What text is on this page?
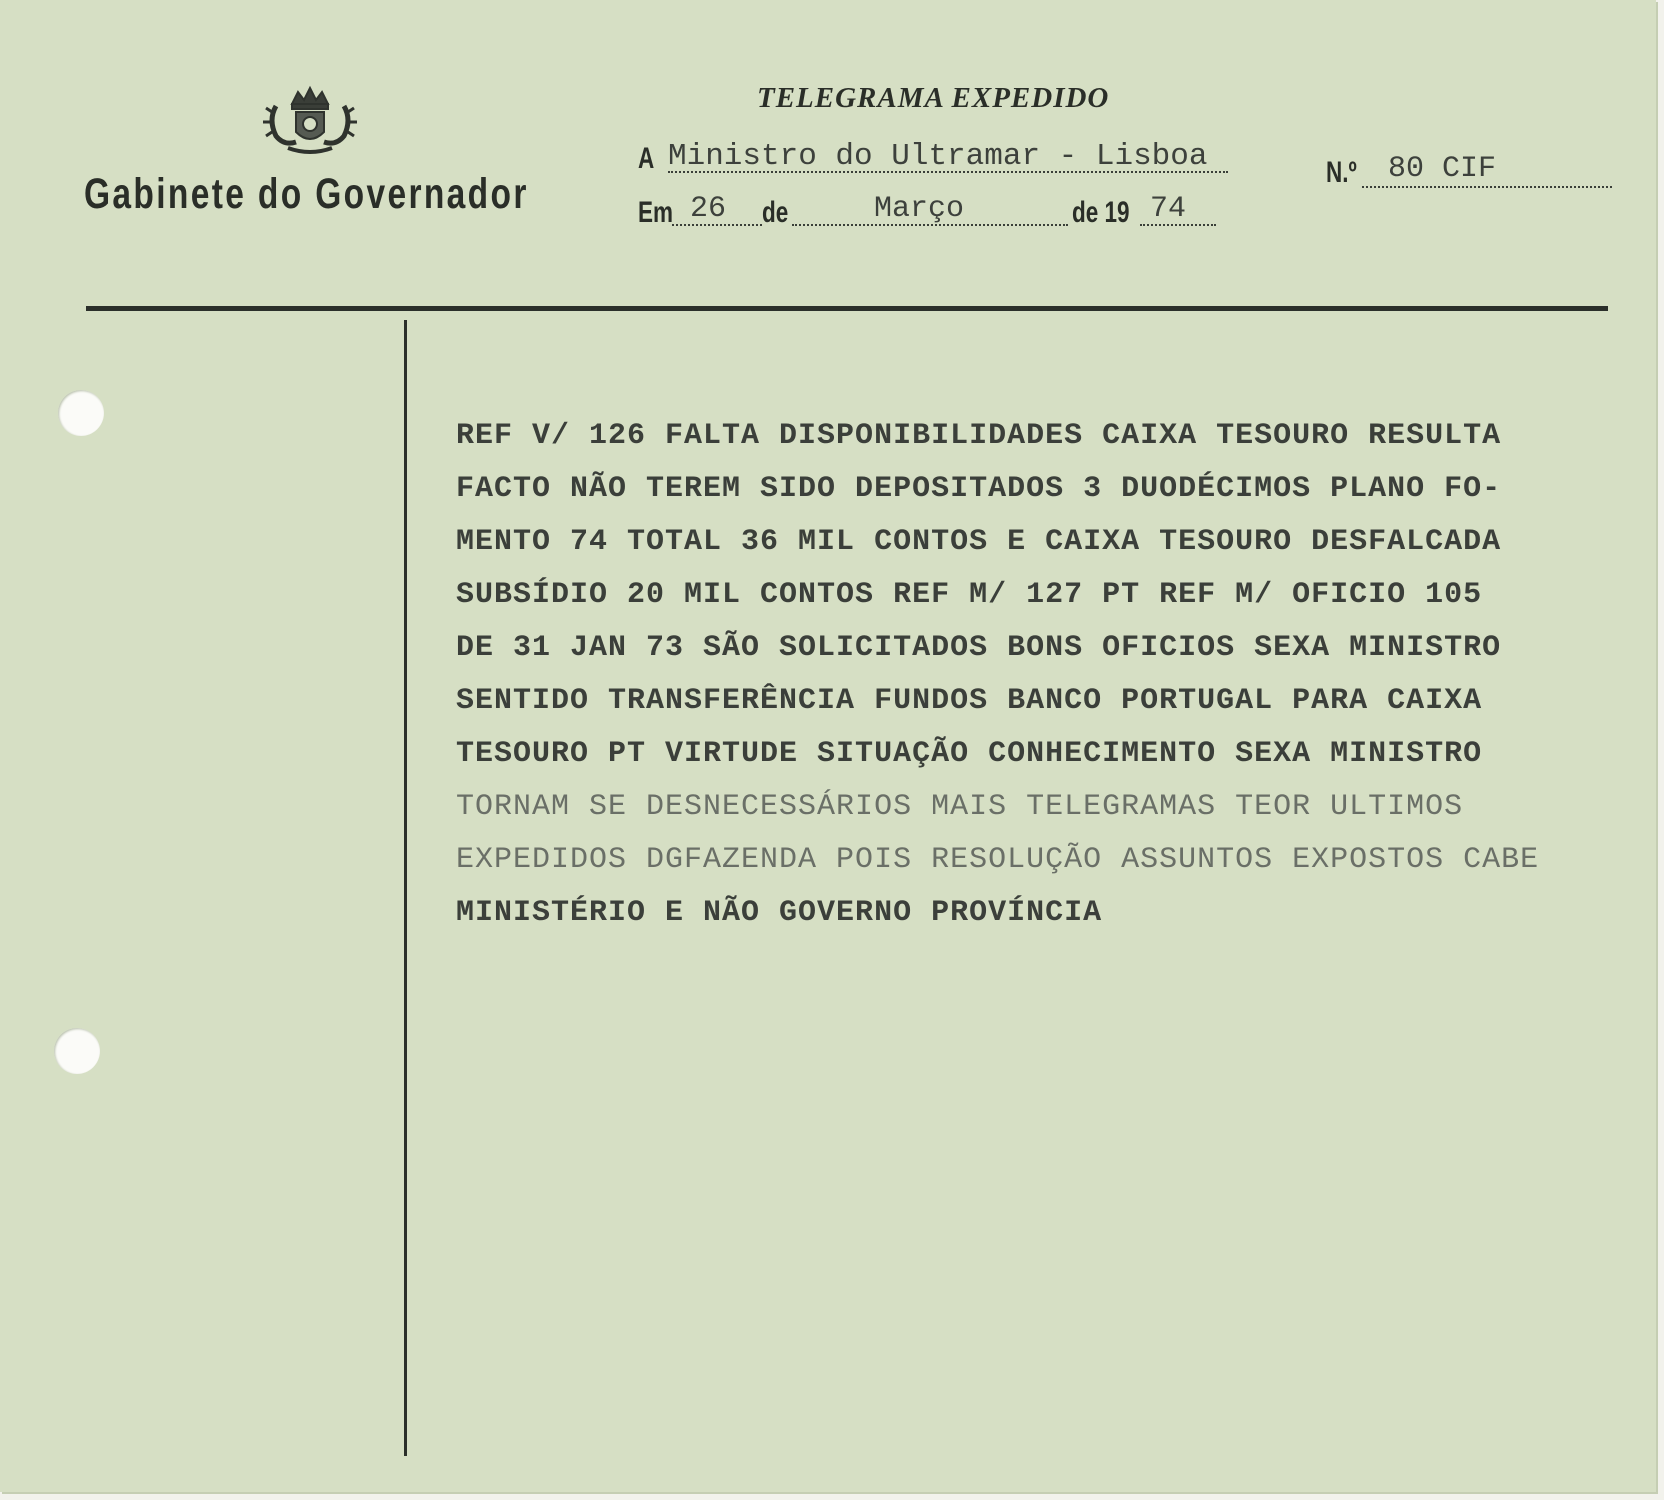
Gabinete do Governador
TELEGRAMA EXPEDIDO
A Ministro do Ultramar - Lisboa
Em 26 de	Março	de 19 74
N.º 80 CIF
REF V/ 126 FALTA DISPONIBILIDADES CAIXA TESOURO RESULTA
FACTO NÃO TEREM SIDO DEPOSITADOS 3 DUODÉCIMOS PLANO FO-
MENTO 74 TOTAL 36 MIL CONTOS E CAIXA TESOURO DESFALCADA
SUBSÍDIO 20 MIL CONTOS REF M/ 127 PT REF M/ OFICIO 105
DE 31 JAN 73 SÃO SOLICITADOS BONS OFICIOS SEXA MINISTRO
SENTIDO TRANSFERÊNCIA FUNDOS BANCO PORTUGAL PARA CAIXA
TESOURO PT VIRTUDE SITUAÇÃO CONHECIMENTO SEXA MINISTRO
TORNAM SE DESNECESSÁRIOS MAIS TELEGRAMAS TEOR ULTIMOS
EXPEDIDOS DGFAZENDA POIS RESOLUÇÃO ASSUNTOS EXPOSTOS CABE
MINISTÉRIO E NÃO GOVERNO PROVÍNCIA
